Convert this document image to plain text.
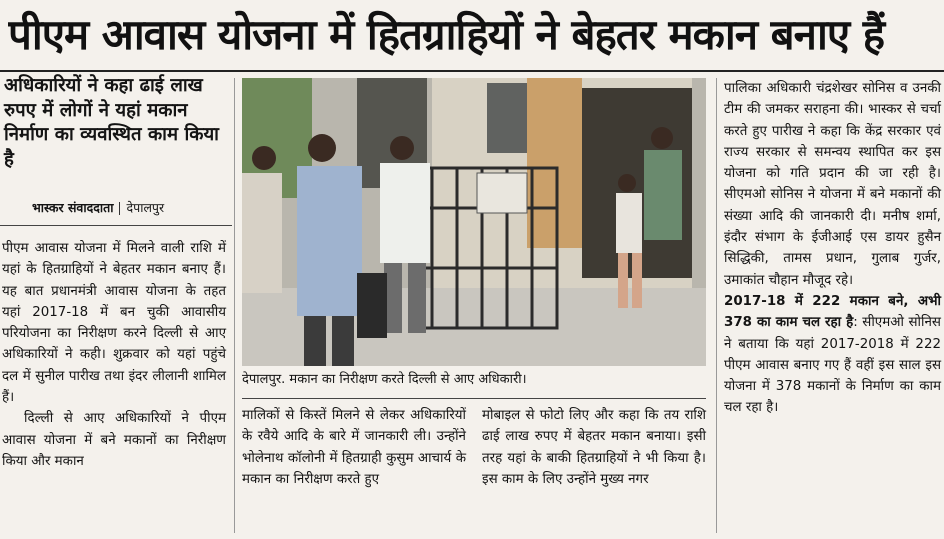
पीएम आवास योजना में हितग्राहियों ने बेहतर मकान बनाए हैं
अधिकारियों ने कहा ढाई लाख रुपए में लोगों ने यहां मकान निर्माण का व्यवस्थित काम किया है
भास्कर संवाददाता देपालपुर

पीएम आवास योजना में मिलने वाली राशि में यहां के हितग्राहियों ने बेहतर मकान बनाए हैं। यह बात प्रधानमंत्री आवास योजना के तहत यहां 2017-18 में बन चुकी आवासीय परियोजना का निरीक्षण करने दिल्ली से आए अधिकारियों ने कही। शुक्रवार को यहां पहुंचे दल में सुनील पारीख तथा इंदर लीलानी शामिल हैं।

दिल्ली से आए अधिकारियों ने पीएम आवास योजना में बने मकानों का निरीक्षण किया और मकान

देपालपुर. मकान का निरीक्षण करते दिल्ली से आए अधिकारी।

मालिकों से किस्तें मिलने से लेकर अधिकारियों के रवैये आदि के बारे में जानकारी ली। उन्होंने भोलेनाथ कॉलोनी में हितग्राही कुसुम आचार्य के मकान का निरीक्षण करते हुए

मोबाइल से फोटो लिए और कहा कि तय राशि ढाई लाख रुपए में बेहतर मकान बनाया। इसी तरह यहां के बाकी हितग्राहियों ने भी किया है। इस काम के लिए उन्होंने मुख्य नगर

पालिका अधिकारी चंद्रशेखर सोनिस व उनकी टीम की जमकर सराहना की। भास्कर से चर्चा करते हुए पारीख ने कहा कि केंद्र सरकार एवं राज्य सरकार से समन्वय स्थापित कर इस योजना को गति प्रदान की जा रही है। सीएमओ सोनिस ने योजना में बने मकानों की संख्या आदि की जानकारी दी। मनीष शर्मा, इंदौर संभाग के ईजीआई एस डायर हुसैन सिद्धिकी, तामस प्रधान, गुलाब गुर्जर, उमाकांत चौहान मौजूद रहे।

2017-18 में 222 मकान बने, अभी 378 का काम चल रहा है: सीएमओ सोनिस ने बताया कि यहां 2017-2018 में 222 पीएम आवास बनाए गए हैं वहीं इस साल इस योजना में 378 मकानों के निर्माण का काम चल रहा है।
